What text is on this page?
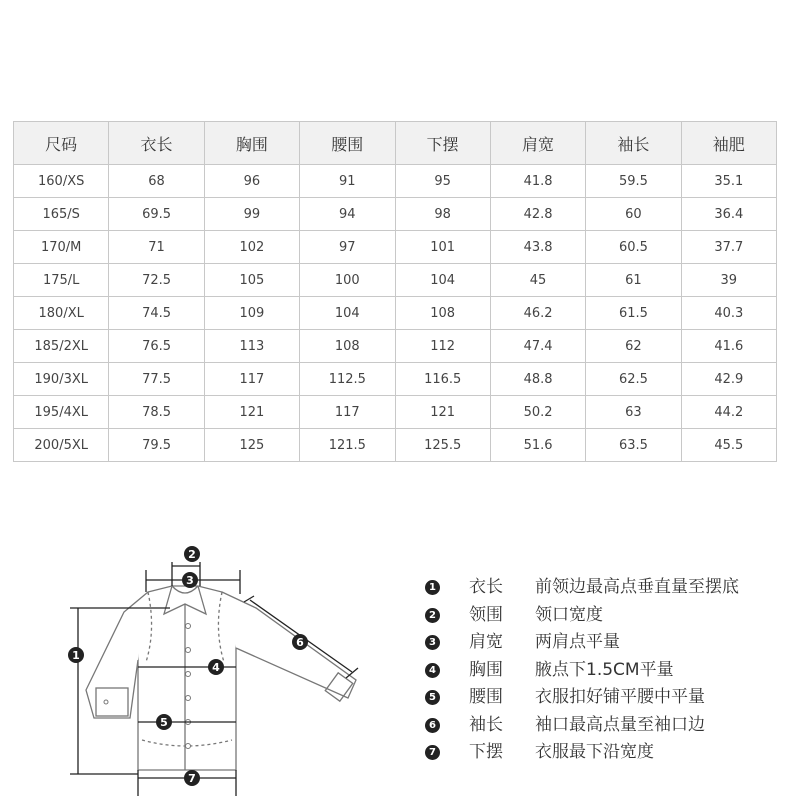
尺码	衣长	胸围	腰围	下摆	肩宽	袖长	袖肥
160/XS	68	96	91	95	41.8	59.5	35.1
165/S	69.5	99	94	98	42.8	60	36.4
170/M	71	102	97	101	43.8	60.5	37.7
175/L	72.5	105	100	104	45	61	39
180/XL	74.5	109	104	108	46.2	61.5	40.3
185/2XL	76.5	113	108	112	47.4	62	41.6
190/3XL	77.5	117	112.5	116.5	48.8	62.5	42.9
195/4XL	78.5	121	117	121	50.2	63	44.2
200/5XL	79.5	125	121.5	125.5	51.6	63.5	45.5
1
2
3
4
5
6
7
1 衣长 前领边最高点垂直量至摆底
2 领围 领口宽度
3 肩宽 两肩点平量
4 胸围 腋点下1.5CM平量
5 腰围 衣服扣好铺平腰中平量
6 袖长 袖口最高点量至袖口边
7 下摆 衣服最下沿宽度
